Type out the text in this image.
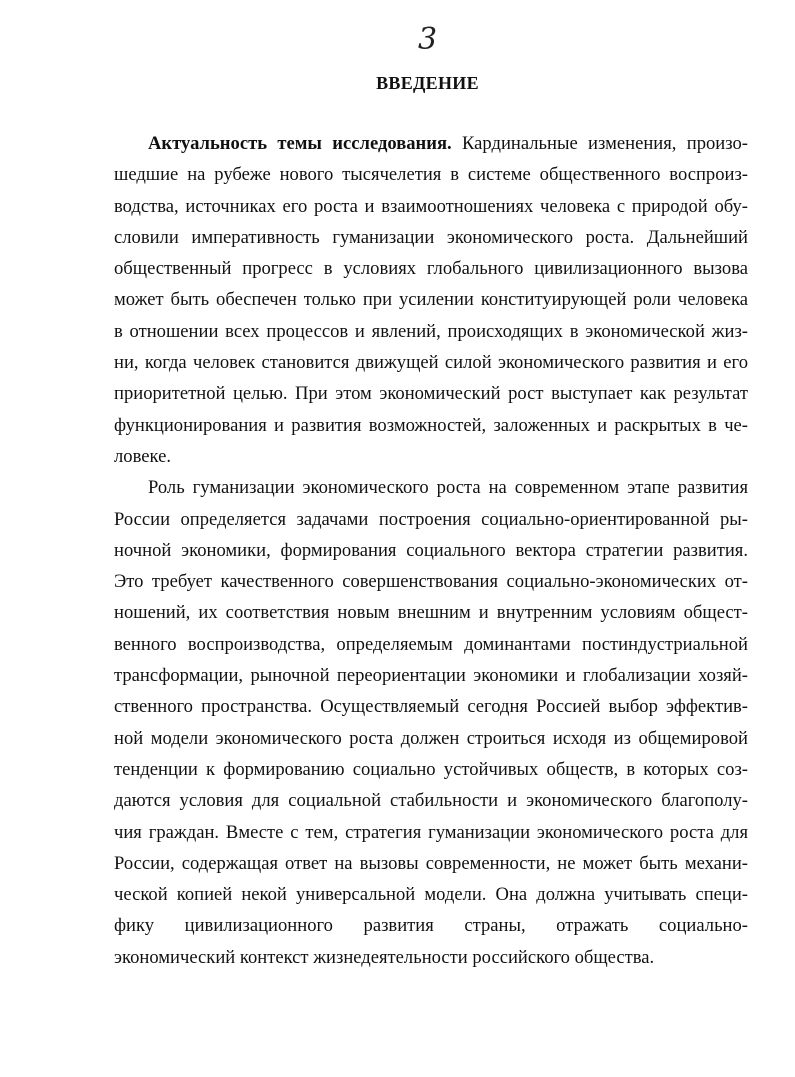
3
ВВЕДЕНИЕ
Актуальность темы исследования. Кардинальные изменения, произо-
шедшие на рубеже нового тысячелетия в системе общественного воспроиз-
водства, источниках его роста и взаимоотношениях человека с природой обу-
словили императивность гуманизации экономического роста. Дальнейший
общественный прогресс в условиях глобального цивилизационного вызова
может быть обеспечен только при усилении конституирующей роли человека
в отношении всех процессов и явлений, происходящих в экономической жиз-
ни, когда человек становится движущей силой экономического развития и его
приоритетной целью. При этом экономический рост выступает как результат
функционирования и развития возможностей, заложенных и раскрытых в че-
ловеке.
Роль гуманизации экономического роста на современном этапе развития
России определяется задачами построения социально-ориентированной ры-
ночной экономики, формирования социального вектора стратегии развития.
Это требует качественного совершенствования социально-экономических от-
ношений, их соответствия новым внешним и внутренним условиям общест-
венного воспроизводства, определяемым доминантами постиндустриальной
трансформации, рыночной переориентации экономики и глобализации хозяй-
ственного пространства. Осуществляемый сегодня Россией выбор эффектив-
ной модели экономического роста должен строиться исходя из общемировой
тенденции к формированию социально устойчивых обществ, в которых соз-
даются условия для социальной стабильности и экономического благополу-
чия граждан. Вместе с тем, стратегия гуманизации экономического роста для
России, содержащая ответ на вызовы современности, не может быть механи-
ческой копией некой универсальной модели. Она должна учитывать специ-
фику цивилизационного развития страны, отражать социально-
экономический контекст жизнедеятельности российского общества.
